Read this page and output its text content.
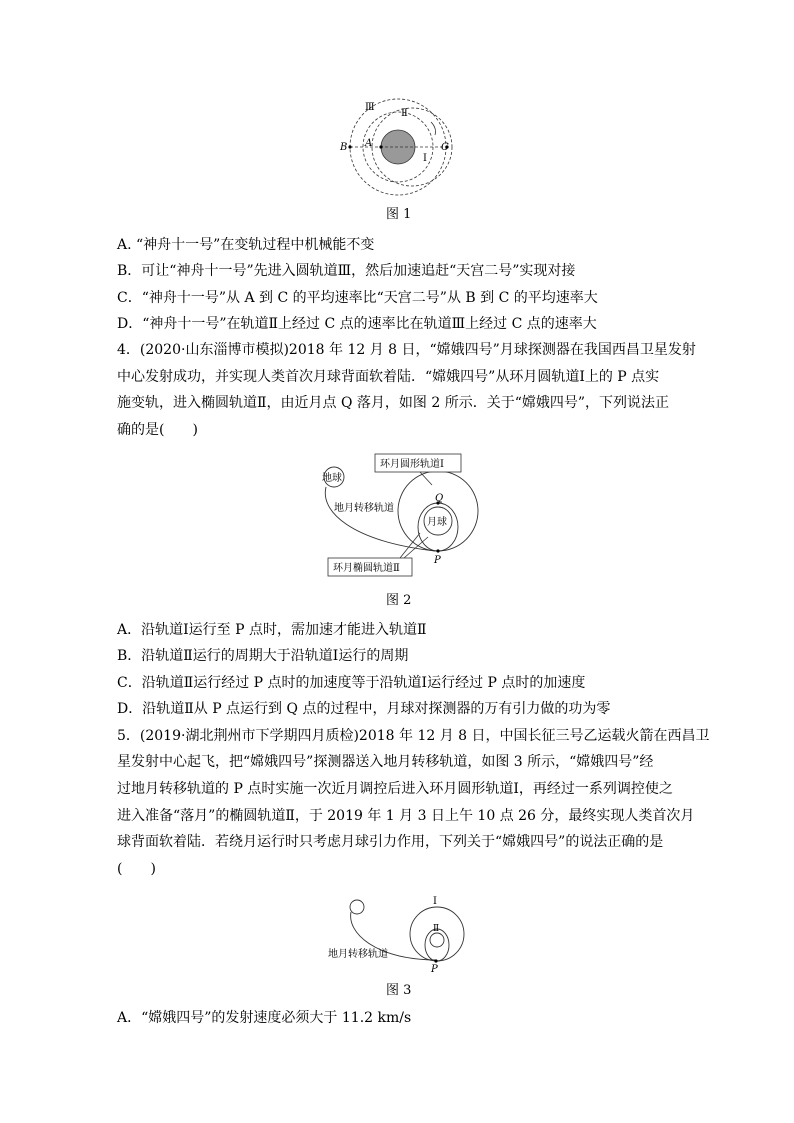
Ⅲ
Ⅱ
Ⅰ
B A	C
图 1
A. “神舟十一号”在变轨过程中机械能不变
B．可让“神舟十一号”先进入圆轨道Ⅲ，然后加速追赶“天宫二号”实现对接
C．“神舟十一号”从 A 到 C 的平均速率比“天宫二号”从 B 到 C 的平均速率大
D．“神舟十一号”在轨道Ⅱ上经过 C 点的速率比在轨道Ⅲ上经过 C 点的速率大
4．(2020·山东淄博市模拟)2018 年 12 月 8 日，“嫦娥四号”月球探测器在我国西昌卫星发射
中心发射成功，并实现人类首次月球背面软着陆．“嫦娥四号”从环月圆轨道Ⅰ上的 P 点实
施变轨，进入椭圆轨道Ⅱ，由近月点 Q 落月，如图 2 所示．关于“嫦娥四号”，下列说法正
确的是(　　)
环月圆形轨道Ⅰ
地球
地月转移轨道
Q
月球
环月椭圆轨道Ⅱ
P
图 2
A．沿轨道Ⅰ运行至 P 点时，需加速才能进入轨道Ⅱ
B．沿轨道Ⅱ运行的周期大于沿轨道Ⅰ运行的周期
C．沿轨道Ⅱ运行经过 P 点时的加速度等于沿轨道Ⅰ运行经过 P 点时的加速度
D．沿轨道Ⅱ从 P 点运行到 Q 点的过程中，月球对探测器的万有引力做的功为零
5．(2019·湖北荆州市下学期四月质检)2018 年 12 月 8 日，中国长征三号乙运载火箭在西昌卫
星发射中心起飞，把“嫦娥四号”探测器送入地月转移轨道，如图 3 所示，“嫦娥四号”经
过地月转移轨道的 P 点时实施一次近月调控后进入环月圆形轨道Ⅰ，再经过一系列调控使之
进入准备“落月”的椭圆轨道Ⅱ，于 2019 年 1 月 3 日上午 10 点 26 分，最终实现人类首次月
球背面软着陆．若绕月运行时只考虑月球引力作用，下列关于“嫦娥四号”的说法正确的是
(　　)
Ⅰ
Ⅱ
地月转移轨道
P
图 3
A．“嫦娥四号”的发射速度必须大于 11.2 km/s
